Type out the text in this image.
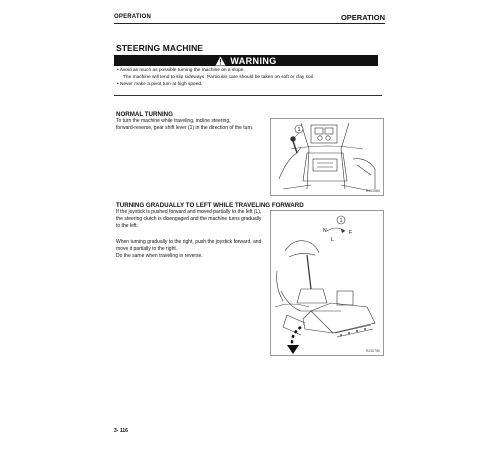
OPERATION	OPERATION
STEERING MACHINE
WARNING
• Avoid as much as possible turning the machine on a slope.
The machine will tend to slip sideways. Particular care should be taken on soft or clay soil.
• Never make a pivot turn at high speed.
NORMAL TURNING
To turn the machine while traveling, incline steering,
forward-reverse, gear shift lever (1) in the direction of the turn.	1
RJ10580
TURNING GRADUALLY TO LEFT WHILE TRAVELING FORWARD
If the joystick is pushed forward and moved partially to the left (L),
the steering clutch is disengaged and the machine turns gradually
to the left.
When turning gradually to the right, push the joystick forward, and
move it partially to the right.
Do the same when traveling in reverse.
1
N	F
L
RJ40750
3- 116
